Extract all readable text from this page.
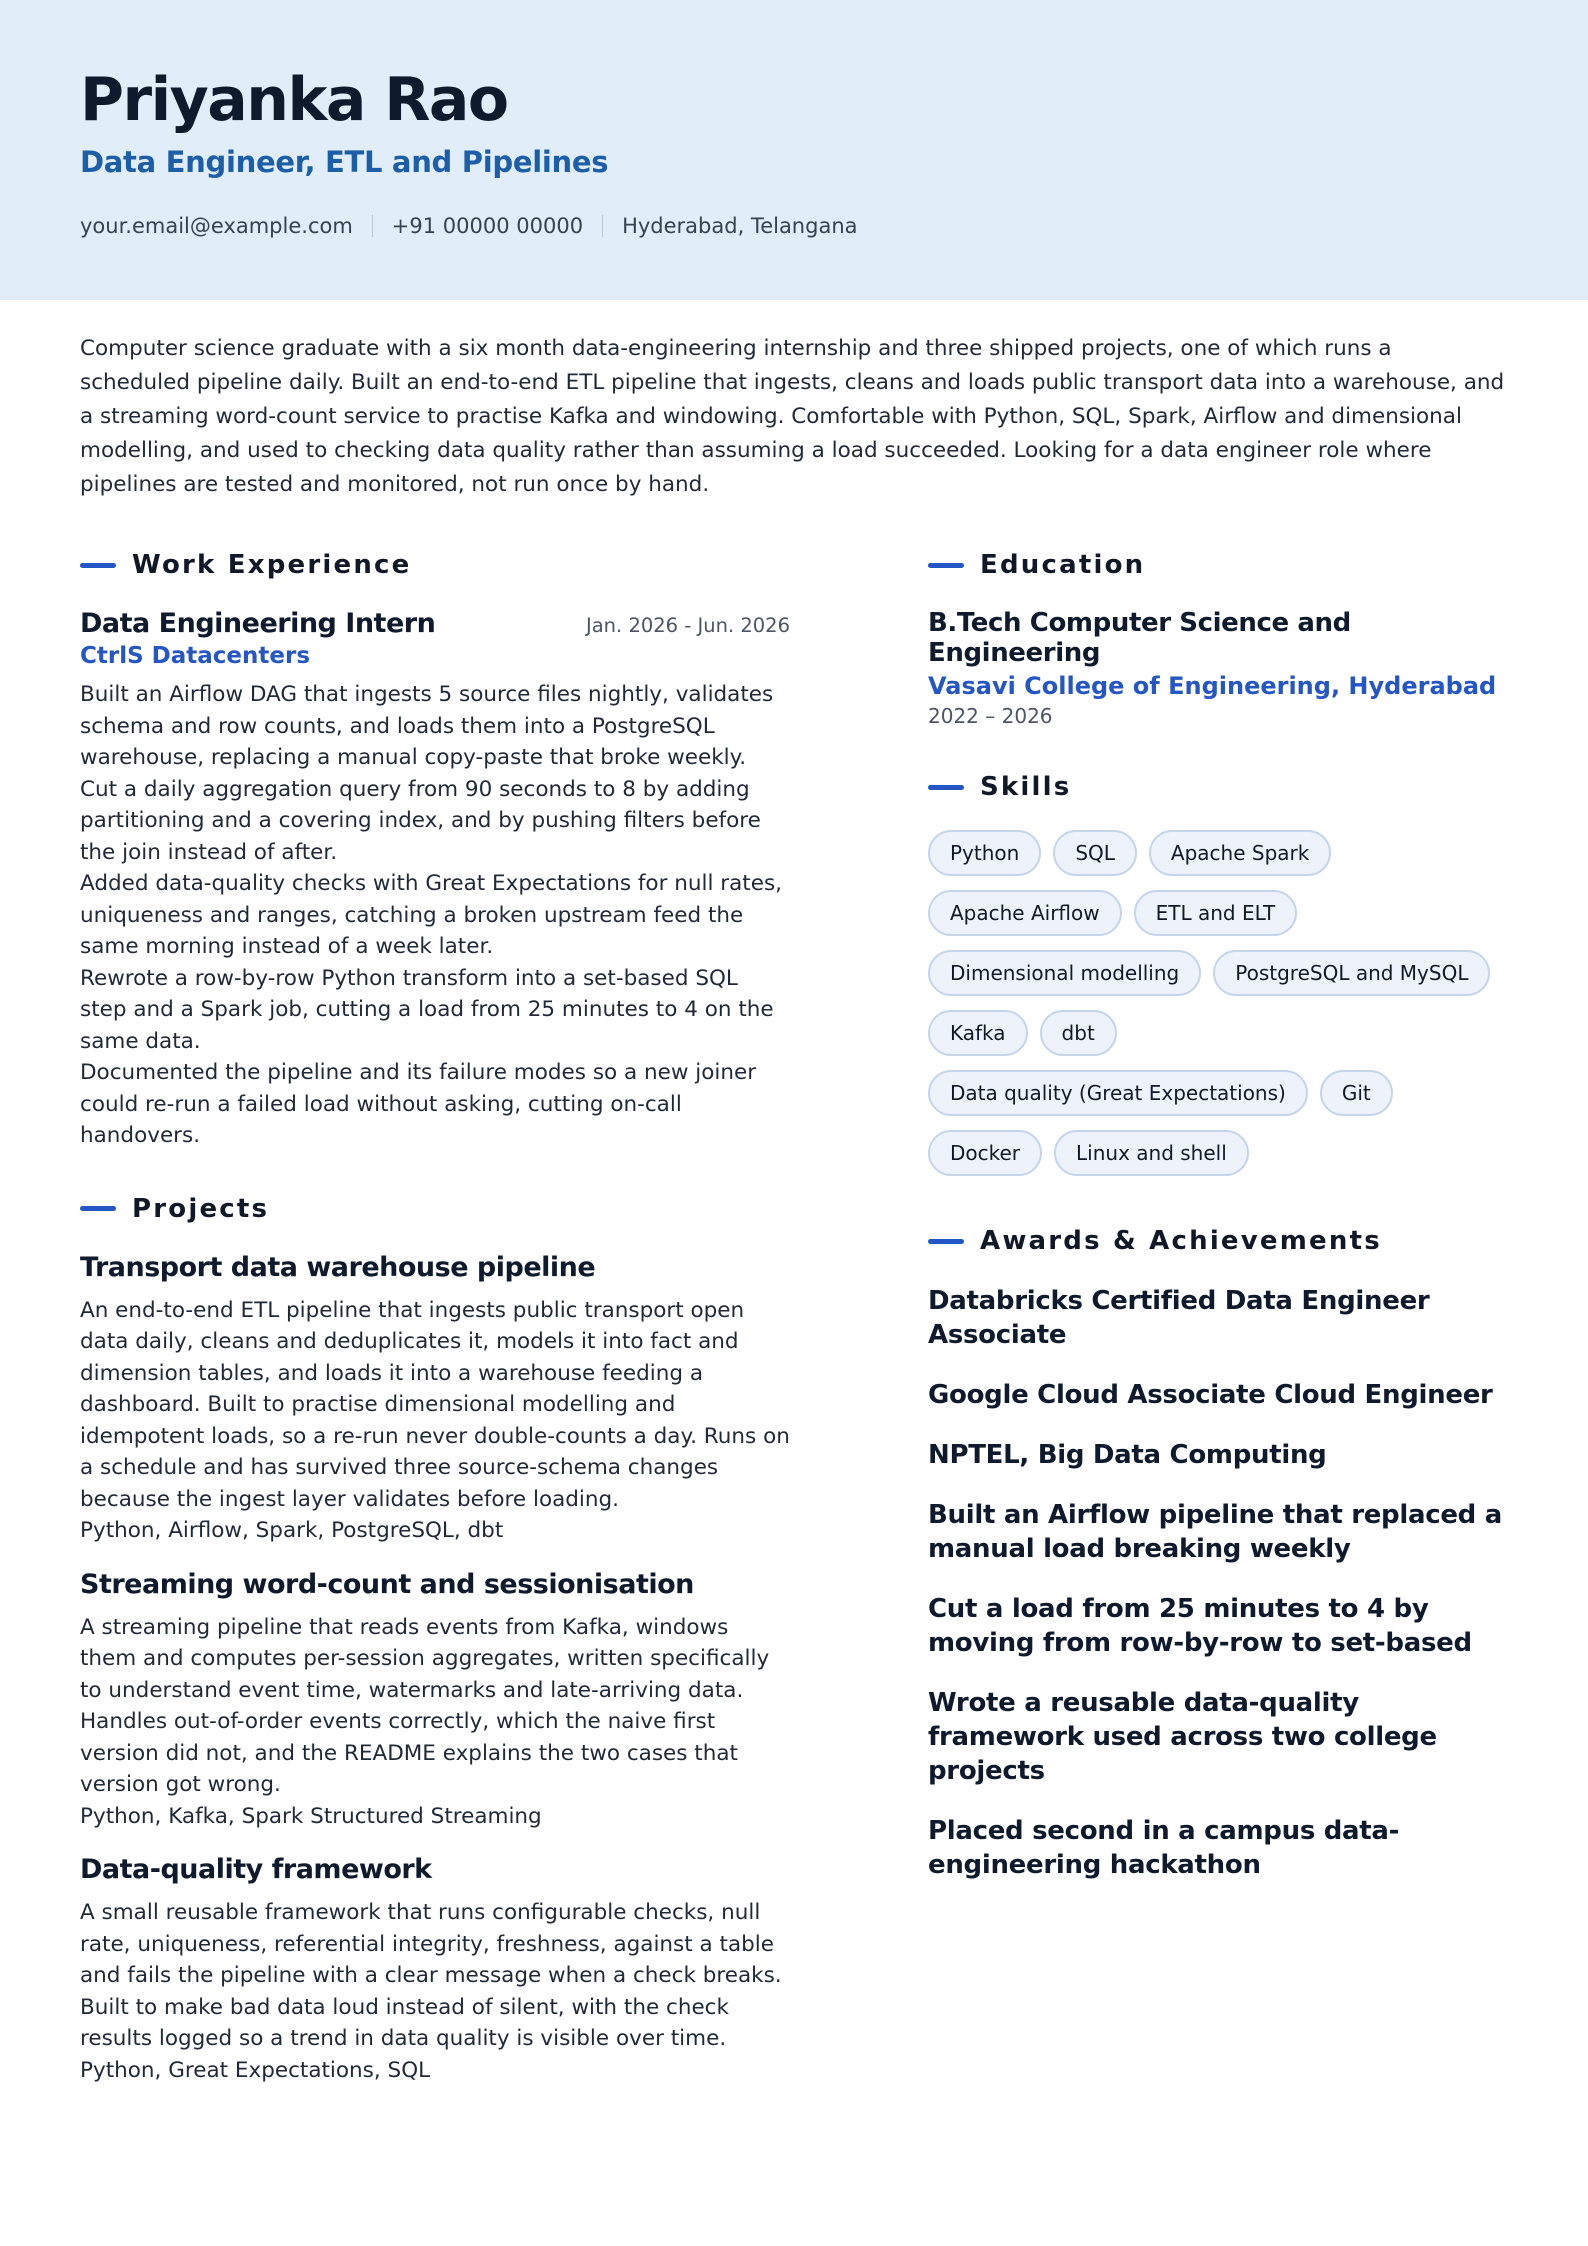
Priyanka Rao
Data Engineer, ETL and Pipelines
your.email@example.com +91 00000 00000 Hyderabad, Telangana

Computer science graduate with a six month data-engineering internship and three shipped projects, one of which runs a scheduled pipeline daily. Built an end-to-end ETL pipeline that ingests, cleans and loads public transport data into a warehouse, and a streaming word-count service to practise Kafka and windowing. Comfortable with Python, SQL, Spark, Airflow and dimensional modelling, and used to checking data quality rather than assuming a load succeeded. Looking for a data engineer role where pipelines are tested and monitored, not run once by hand.

Work Experience
Data Engineering Intern	Jan. 2026 - Jun. 2026
CtrlS Datacenters
Built an Airflow DAG that ingests 5 source files nightly, validates schema and row counts, and loads them into a PostgreSQL warehouse, replacing a manual copy-paste that broke weekly.
Cut a daily aggregation query from 90 seconds to 8 by adding partitioning and a covering index, and by pushing filters before the join instead of after.
Added data-quality checks with Great Expectations for null rates, uniqueness and ranges, catching a broken upstream feed the same morning instead of a week later.
Rewrote a row-by-row Python transform into a set-based SQL step and a Spark job, cutting a load from 25 minutes to 4 on the same data.
Documented the pipeline and its failure modes so a new joiner could re-run a failed load without asking, cutting on-call handovers.
Projects
Transport data warehouse pipeline
An end-to-end ETL pipeline that ingests public transport open data daily, cleans and deduplicates it, models it into fact and dimension tables, and loads it into a warehouse feeding a dashboard. Built to practise dimensional modelling and idempotent loads, so a re-run never double-counts a day. Runs on a schedule and has survived three source-schema changes because the ingest layer validates before loading.
Python, Airflow, Spark, PostgreSQL, dbt
Streaming word-count and sessionisation
A streaming pipeline that reads events from Kafka, windows them and computes per-session aggregates, written specifically to understand event time, watermarks and late-arriving data. Handles out-of-order events correctly, which the naive first version did not, and the README explains the two cases that version got wrong.
Python, Kafka, Spark Structured Streaming
Data-quality framework
A small reusable framework that runs configurable checks, null rate, uniqueness, referential integrity, freshness, against a table and fails the pipeline with a clear message when a check breaks. Built to make bad data loud instead of silent, with the check results logged so a trend in data quality is visible over time.
Python, Great Expectations, SQL
Education
B.Tech Computer Science and Engineering
Vasavi College of Engineering, Hyderabad
2022 – 2026
Skills
Python	SQL	Apache Spark
Apache Airflow	ETL and ELT
Dimensional modelling	PostgreSQL and MySQL
Kafka	dbt
Data quality (Great Expectations)	Git
Docker	Linux and shell
Awards & Achievements
Databricks Certified Data Engineer Associate
Google Cloud Associate Cloud Engineer
NPTEL, Big Data Computing
Built an Airflow pipeline that replaced a manual load breaking weekly
Cut a load from 25 minutes to 4 by moving from row-by-row to set-based
Wrote a reusable data-quality framework used across two college projects
Placed second in a campus data-engineering hackathon
